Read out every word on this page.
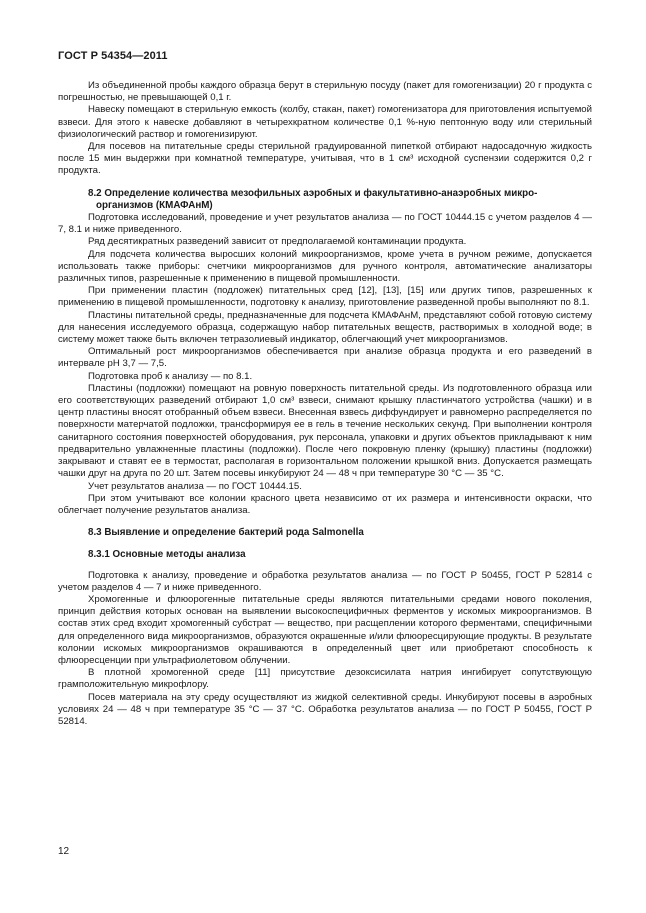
ГОСТ Р 54354—2011

Из объединенной пробы каждого образца берут в стерильную посуду (пакет для гомогенизации) 20 г продукта с погрешностью, не превышающей 0,1 г.

Навеску помещают в стерильную емкость (колбу, стакан, пакет) гомогенизатора для приготовления испытуемой взвеси. Для этого к навеске добавляют в четырехкратном количестве 0,1 %-ную пептонную воду или стерильный физиологический раствор и гомогенизируют.

Для посевов на питательные среды стерильной градуированной пипеткой отбирают надосадочную жидкость после 15 мин выдержки при комнатной температуре, учитывая, что в 1 см³ исходной суспензии содержится 0,2 г продукта.

8.2 Определение количества мезофильных аэробных и факультативно-анаэробных микро-
организмов (КМАФАнМ)

Подготовка исследований, проведение и учет результатов анализа — по ГОСТ 10444.15 с учетом разделов 4 — 7, 8.1 и ниже приведенного.

Ряд десятикратных разведений зависит от предполагаемой контаминации продукта.

Для подсчета количества выросших колоний микроорганизмов, кроме учета в ручном режиме, допускается использовать также приборы: счетчики микроорганизмов для ручного контроля, автоматические анализаторы различных типов, разрешенные к применению в пищевой промышленности.

При применении пластин (подложек) питательных сред [12], [13], [15] или других типов, разрешенных к применению в пищевой промышленности, подготовку к анализу, приготовление разведенной пробы выполняют по 8.1.

Пластины питательной среды, предназначенные для подсчета КМАФАнМ, представляют собой готовую систему для нанесения исследуемого образца, содержащую набор питательных веществ, растворимых в холодной воде; в систему может также быть включен тетразолиевый индикатор, облегчающий учет микроорганизмов.

Оптимальный рост микроорганизмов обеспечивается при анализе образца продукта и его разведений в интервале pH 3,7 — 7,5.

Подготовка проб к анализу — по 8.1.

Пластины (подложки) помещают на ровную поверхность питательной среды. Из подготовленного образца или его соответствующих разведений отбирают 1,0 см³ взвеси, снимают крышку пластинчатого устройства (чашки) и в центр пластины вносят отобранный объем взвеси. Внесенная взвесь диффундирует и равномерно распределяется по поверхности матерчатой подложки, трансформируя ее в гель в течение нескольких секунд. При выполнении контроля санитарного состояния поверхностей оборудования, рук персонала, упаковки и других объектов прикладывают к ним предварительно увлажненные пластины (подложки). После чего покровную пленку (крышку) пластины (подложки) закрывают и ставят ее в термостат, располагая в горизонтальном положении крышкой вниз. Допускается размещать чашки друг на друга по 20 шт. Затем посевы инкубируют 24 — 48 ч при температуре 30 °C — 35 °C.

Учет результатов анализа — по ГОСТ 10444.15.

При этом учитывают все колонии красного цвета независимо от их размера и интенсивности окраски, что облегчает получение результатов анализа.

8.3 Выявление и определение бактерий рода Salmonella
8.3.1 Основные методы анализа

Подготовка к анализу, проведение и обработка результатов анализа — по ГОСТ Р 50455, ГОСТ Р 52814 с учетом разделов 4 — 7 и ниже приведенного.

Хромогенные и флюорогенные питательные среды являются питательными средами нового поколения, принцип действия которых основан на выявлении высокоспецифичных ферментов у искомых микроорганизмов. В состав этих сред входит хромогенный субстрат — вещество, при расщеплении которого ферментами, специфичными для определенного вида микроорганизмов, образуются окрашенные и/или флюоресцирующие продукты. В результате колонии искомых микроорганизмов окрашиваются в определенный цвет или приобретают способность к флюоресценции при ультрафиолетовом облучении.

В плотной хромогенной среде [11] присутствие дезоксисилата натрия ингибирует сопутствующую грамположительную микрофлору.

Посев материала на эту среду осуществляют из жидкой селективной среды. Инкубируют посевы в аэробных условиях 24 — 48 ч при температуре 35 °C — 37 °C. Обработка результатов анализа — по ГОСТ Р 50455, ГОСТ Р 52814.

12
